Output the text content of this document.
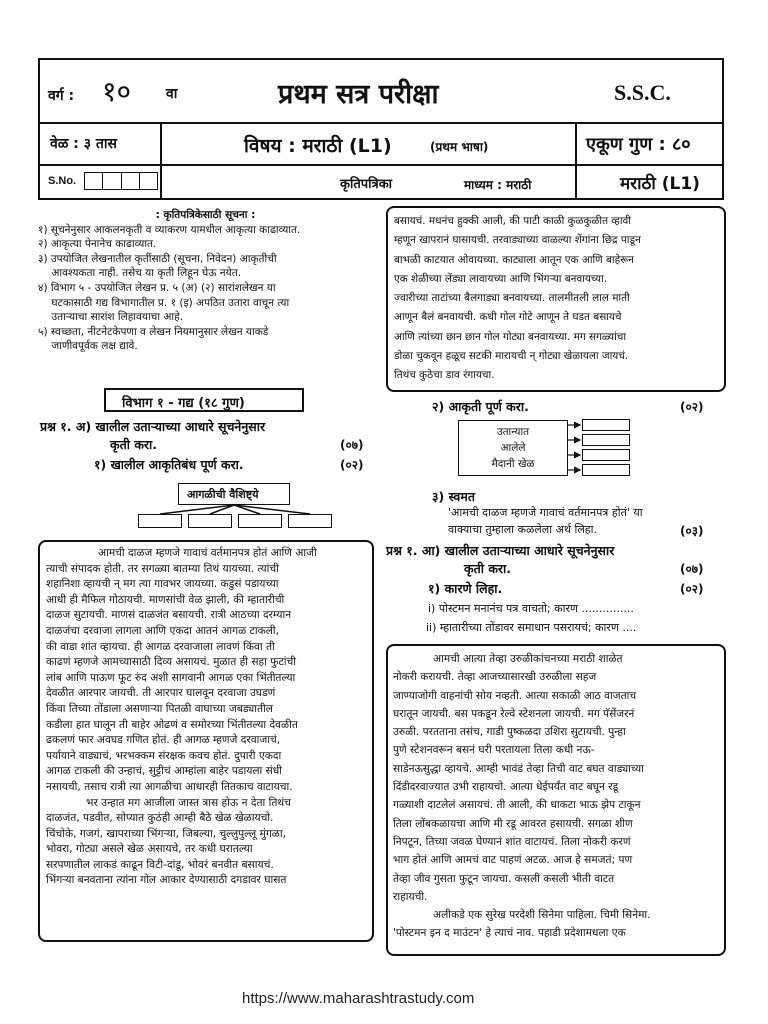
वर्ग : १० वा	प्रथम सत्र परीक्षा	S.S.C.
वेळ : ३ तास	विषय : मराठी (L1)	(प्रथम भाषा)	एकूण गुण : ८०
S.No.	कृतिपत्रिका	माध्यम : मराठी	मराठी (L1)
: कृतिपत्रिकेसाठी सूचना :
१) सूचनेनुसार आकलनकृती व व्याकरण यामधील आकृत्या काढाव्यात.
२) आकृत्या पेनानेच काढाव्यात.
३) उपयोजित लेखनातील कृतींसाठी (सूचना, निवेदन) आकृतीची
आवश्यकता नाही. तसेच या कृती लिहून घेऊ नयेत.
४) विभाग ५ - उपयोजित लेखन प्र. ५ (अ) (२) सारांशलेखन या
घटकासाठी गद्य विभागातील प्र. १ (इ) अपठित उतारा वाचून त्या
उताऱ्याचा सारांश लिहावयाचा आहे.
५) स्वच्छता, नीटनेटकेपणा व लेखन नियमानुसार लेखन याकडे
जाणीवपूर्वक लक्ष द्यावे.
विभाग १ - गद्य (१८ गुण)
प्रश्न १. अ) खालील उताऱ्याच्या आधारे सूचनेनुसार
कृती करा.	(०७)
१) खालील आकृतिबंध पूर्ण करा.	(०२)
आगळीची वैशिष्ट्ये
आमची दाळज म्हणजे गावाचं वर्तमानपत्र होतं आणि आजी
त्याची संपादक होती. तर सगळ्या बातम्या तिथं यायच्या. त्यांची
शहानिशा व्हायची न् मग त्या गावभर जायच्या. कडुसं पडायच्या
आधी ही मैफिल गोठायची. माणसांची वेळ झाली, की म्हातारीची
दाळज सुटायची. माणसं दाळजंत बसायची. रात्री आठच्या दरम्यान
दाळजंचा दरवाजा लागला आणि एकदा आतनं आगळ टाकली,
की वाडा शांत व्हायचा. ही आगळ दरवाजाला लावणं किंवा ती
काढणं म्हणजे आमच्यासाठी दिव्य असायचं. मुळात ही सहा फुटांची
लांब आणि पाऊण फूट रुंद अशी सागवानी आगळ एका भिंतीतल्या
देवळीत आरपार जायची. ती आरपार घालवून दरवाजा उघडणं
किंवा तिच्या तोंडाला असणाऱ्या पितळी वाघाच्या जबड्यातील
कडीला हात घालून ती बाहेर ओढणं व समोरच्या भिंतीतल्या देवळीत
ढकलणं फार अवघड गणित होतं. ही आगळ म्हणजे दरवाजाचं,
पर्यायाने वाड्याचं, भरभक्कम संरक्षक कवच होतं. दुपारी एकदा
आगळ टाकली की उन्हाचं, सुट्टीचं आम्हांला बाहेर पडायला संधी
नसायची, तसाच रात्री त्या आगळीचा आधारही तितकाच वाटायचा.
भर उन्हात मग आजीला जास्त त्रास होऊ न देता तिथंच
दाळजंत, पडवीत, सोप्यात कुठंही आम्ही बैठे खेळ खेळायचो.
चिंचोके, गजगं, खापराच्या भिंगऱ्या, जिबल्या, चुल्लुपुल्लू मुंगळा,
भोवरा, गोट्या असले खेळ असायचे, तर कधी घरातल्या
सरपणातील लाकडं काढून विटी-दांडू, भोवरं बनवीत बसायचं.
भिंगऱ्या बनवताना त्यांना गोल आकार देण्यासाठी दगडावर घासत
बसायचं. मधनंच हुक्की आली, की पाटी काळी कुळकुळीत व्हावी
म्हणून खापरानं घासायची. तरवाड्याच्या वाळल्या शेंगांना छिद्र पाडून
बाभळी काटयात ओवायच्या. काट्याला आतून एक आणि बाहेरून
एक शेळीच्या लेंड्या लावायच्या आणि भिंगऱ्या बनवायच्या.
ज्वारीच्या ताटांच्या बैलगाड्या बनवायच्या. तालमीतली लाल माती
आणून बैलं बनवायची. कधी गोल गोटे आणून ते घडत बसायचे
आणि त्यांच्या छान छान गोल गोट्या बनवायच्या. मग सगळ्यांचा
डोळा चुकवून हळूच सटकी मारायची न् गोट्या खेळायला जायचं.
तिथंच कुठेचा डाव रंगायचा.
२) आकृती पूर्ण करा.	(०२)
उतान्यात
आलेले
मैदानी खेळ
३) स्वमत
'आमची दाळज म्हणजे गावाचं वर्तमानपत्र होतं' या
वाक्याचा तुम्हाला कळलेला अर्थ लिहा.	(०३)
प्रश्न १. आ) खालील उताऱ्याच्या आधारे सूचनेनुसार
कृती करा.	(०७)
१) कारणे लिहा.	(०२)
i) पोस्टमन मनानंच पत्र वाचतो; कारण ...............
ii) म्हातारीच्या तोंडावर समाधान पसरायचं; कारण ....
आमची आत्या तेव्हा उरुळीकांचनच्या मराठी शाळेत
नोकरी करायची. तेव्हा आजच्यासारखी उरुळीला सहज
जाण्याजोगी वाहनांची सोय नव्हती. आत्या सकाळी आठ वाजताच
घरातून जायची. बस पकडून रेल्वे स्टेशनला जायची. मग पॅसेंजरनं
उरुळी. परतताना तसंच, गाडी पुष्कळदा उशिरा सुटायची. पुन्हा
पुणे स्टेशनवरून बसनं घरी परतायला तिला कधी नऊ-
साडेनऊसुद्धा व्हायचे. आम्ही भावंडं तेव्हा तिची वाट बघत वाड्याच्या
दिंडीदरवाज्यात उभी राहायचो. आत्या धेईपर्यंत वाट बघून रडू
गळ्याशी दाटलेलं असायचं. ती आली, की धाकटा भाऊ झेप टाकून
तिला लोंबकळायचा आणि मी रडू आवरत हसायची. सगळा शीण
निपटून, तिच्या जवळ घेण्यानं शांत वाटायचं. तिला नोकरी करणं
भाग होतं आणि आमचं वाट पाहणं अटळ. आज हे समजतं; पण
तेव्हा जीव गुसता फुटून जायचा. कसली कसली भीती वाटत
राहायची.
अलीकडे एक सुरेख परदेशी सिनेमा पाहिला. चिमी सिनेमा.
'पोस्टमन इन द माउंटन' हे त्याचं नाव. पहाडी प्रदेशामधला एक
https://www.maharashtrastudy.com
